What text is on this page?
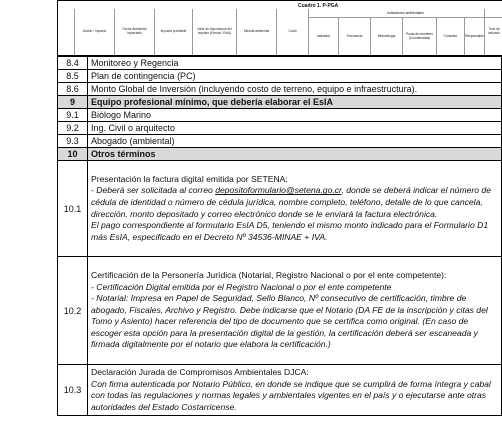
Cuadro 1. P-PGA
Acción / Impacto	Factor Ambiental Impactado	Impacto previsible	Valor de Importancia del Impacto (Parcial / EsIA)	Medida ambiental	Costo
Indicadores ambientales
Indicador	Frecuencia	Metodología	Punto de muestreo (Coordenadas)	Consultor	Responsable
Todo de indicado
8.4	Monitoreo y Regencia
8.5	Plan de contingencia (PC)
8.6	Monto Global de Inversión (incluyendo costo de terreno, equipo e infraestructura).
9	Equipo profesional mínimo, que debería elaborar el EsIA
9.1	Biólogo Marino
9.2	Ing. Civil o arquitecto
9.3	Abogado (ambiental)
10	Otros términos
10.1	Presentación la factura digital emitida por SETENA:
- Deberá ser solicitada al correo depositoformulario@setena.go.cr, donde se deberá indicar el número de cédula de identidad o número de cédula jurídica, nombre completo, teléfono, detalle de lo que cancela, dirección, monto depositado y correo electrónico donde se le enviará la factura electrónica.
El pago correspondiente al formulario EsIA D5, teniendo el mismo monto indicado para el Formulario D1 más EsIA, especificado en el Decreto Nº 34536-MINAE + IVA.

10.2	Certificación de la Personería Jurídica (Notarial, Registro Nacional o por el ente competente):
- Certificación Digital emitida por el Registro Nacional o por el ente competente
- Notarial: Impresa en Papel de Seguridad, Sello Blanco, Nº consecutivo de certificación, timbre de abogado, Fiscales, Archivo y Registro. Debe indicarse que el Notario (DA FE de la inscripción y citas del Tomo y Asiento) hacer referencia del tipo de documento que se certifica como original. (En caso de escoger esta opción para la presentación digital de la gestión, la certificación deberá ser escaneada y firmada digitalmente por el notario que elabora la certificación.)

10.3	Declaración Jurada de Compromisos Ambientales DJCA:
Con firma autenticada por Notario Público, en donde se indique que se cumplirá de forma íntegra y cabal con todas las regulaciones y normas legales y ambientales vigentes en el país y o ejecutarse ante otras autoridades del Estado Costarricense.
